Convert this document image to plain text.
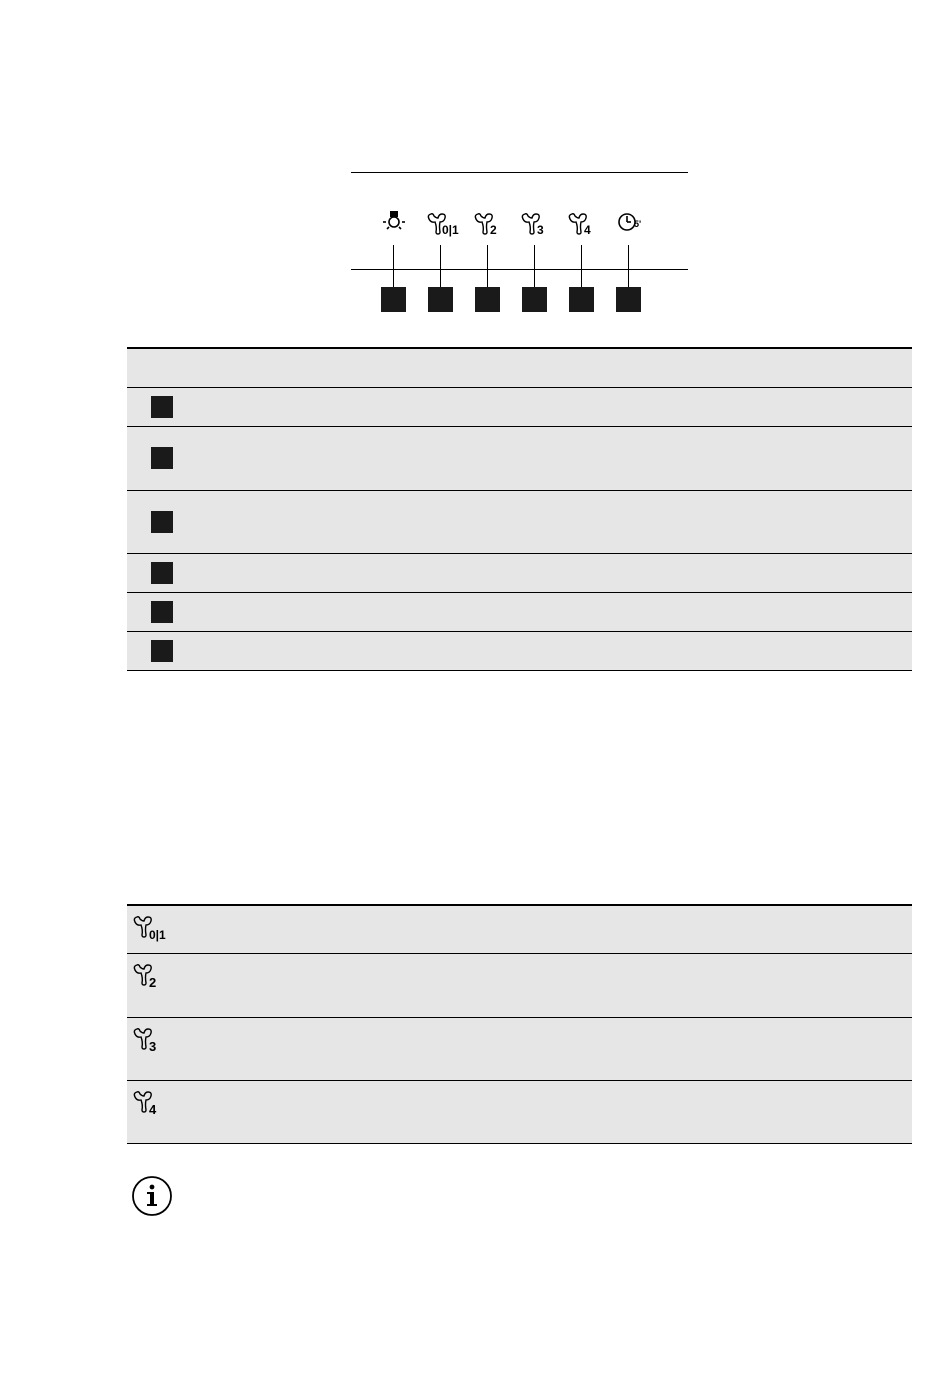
0|1	2	3	4	5'
0|1
2
3
4
